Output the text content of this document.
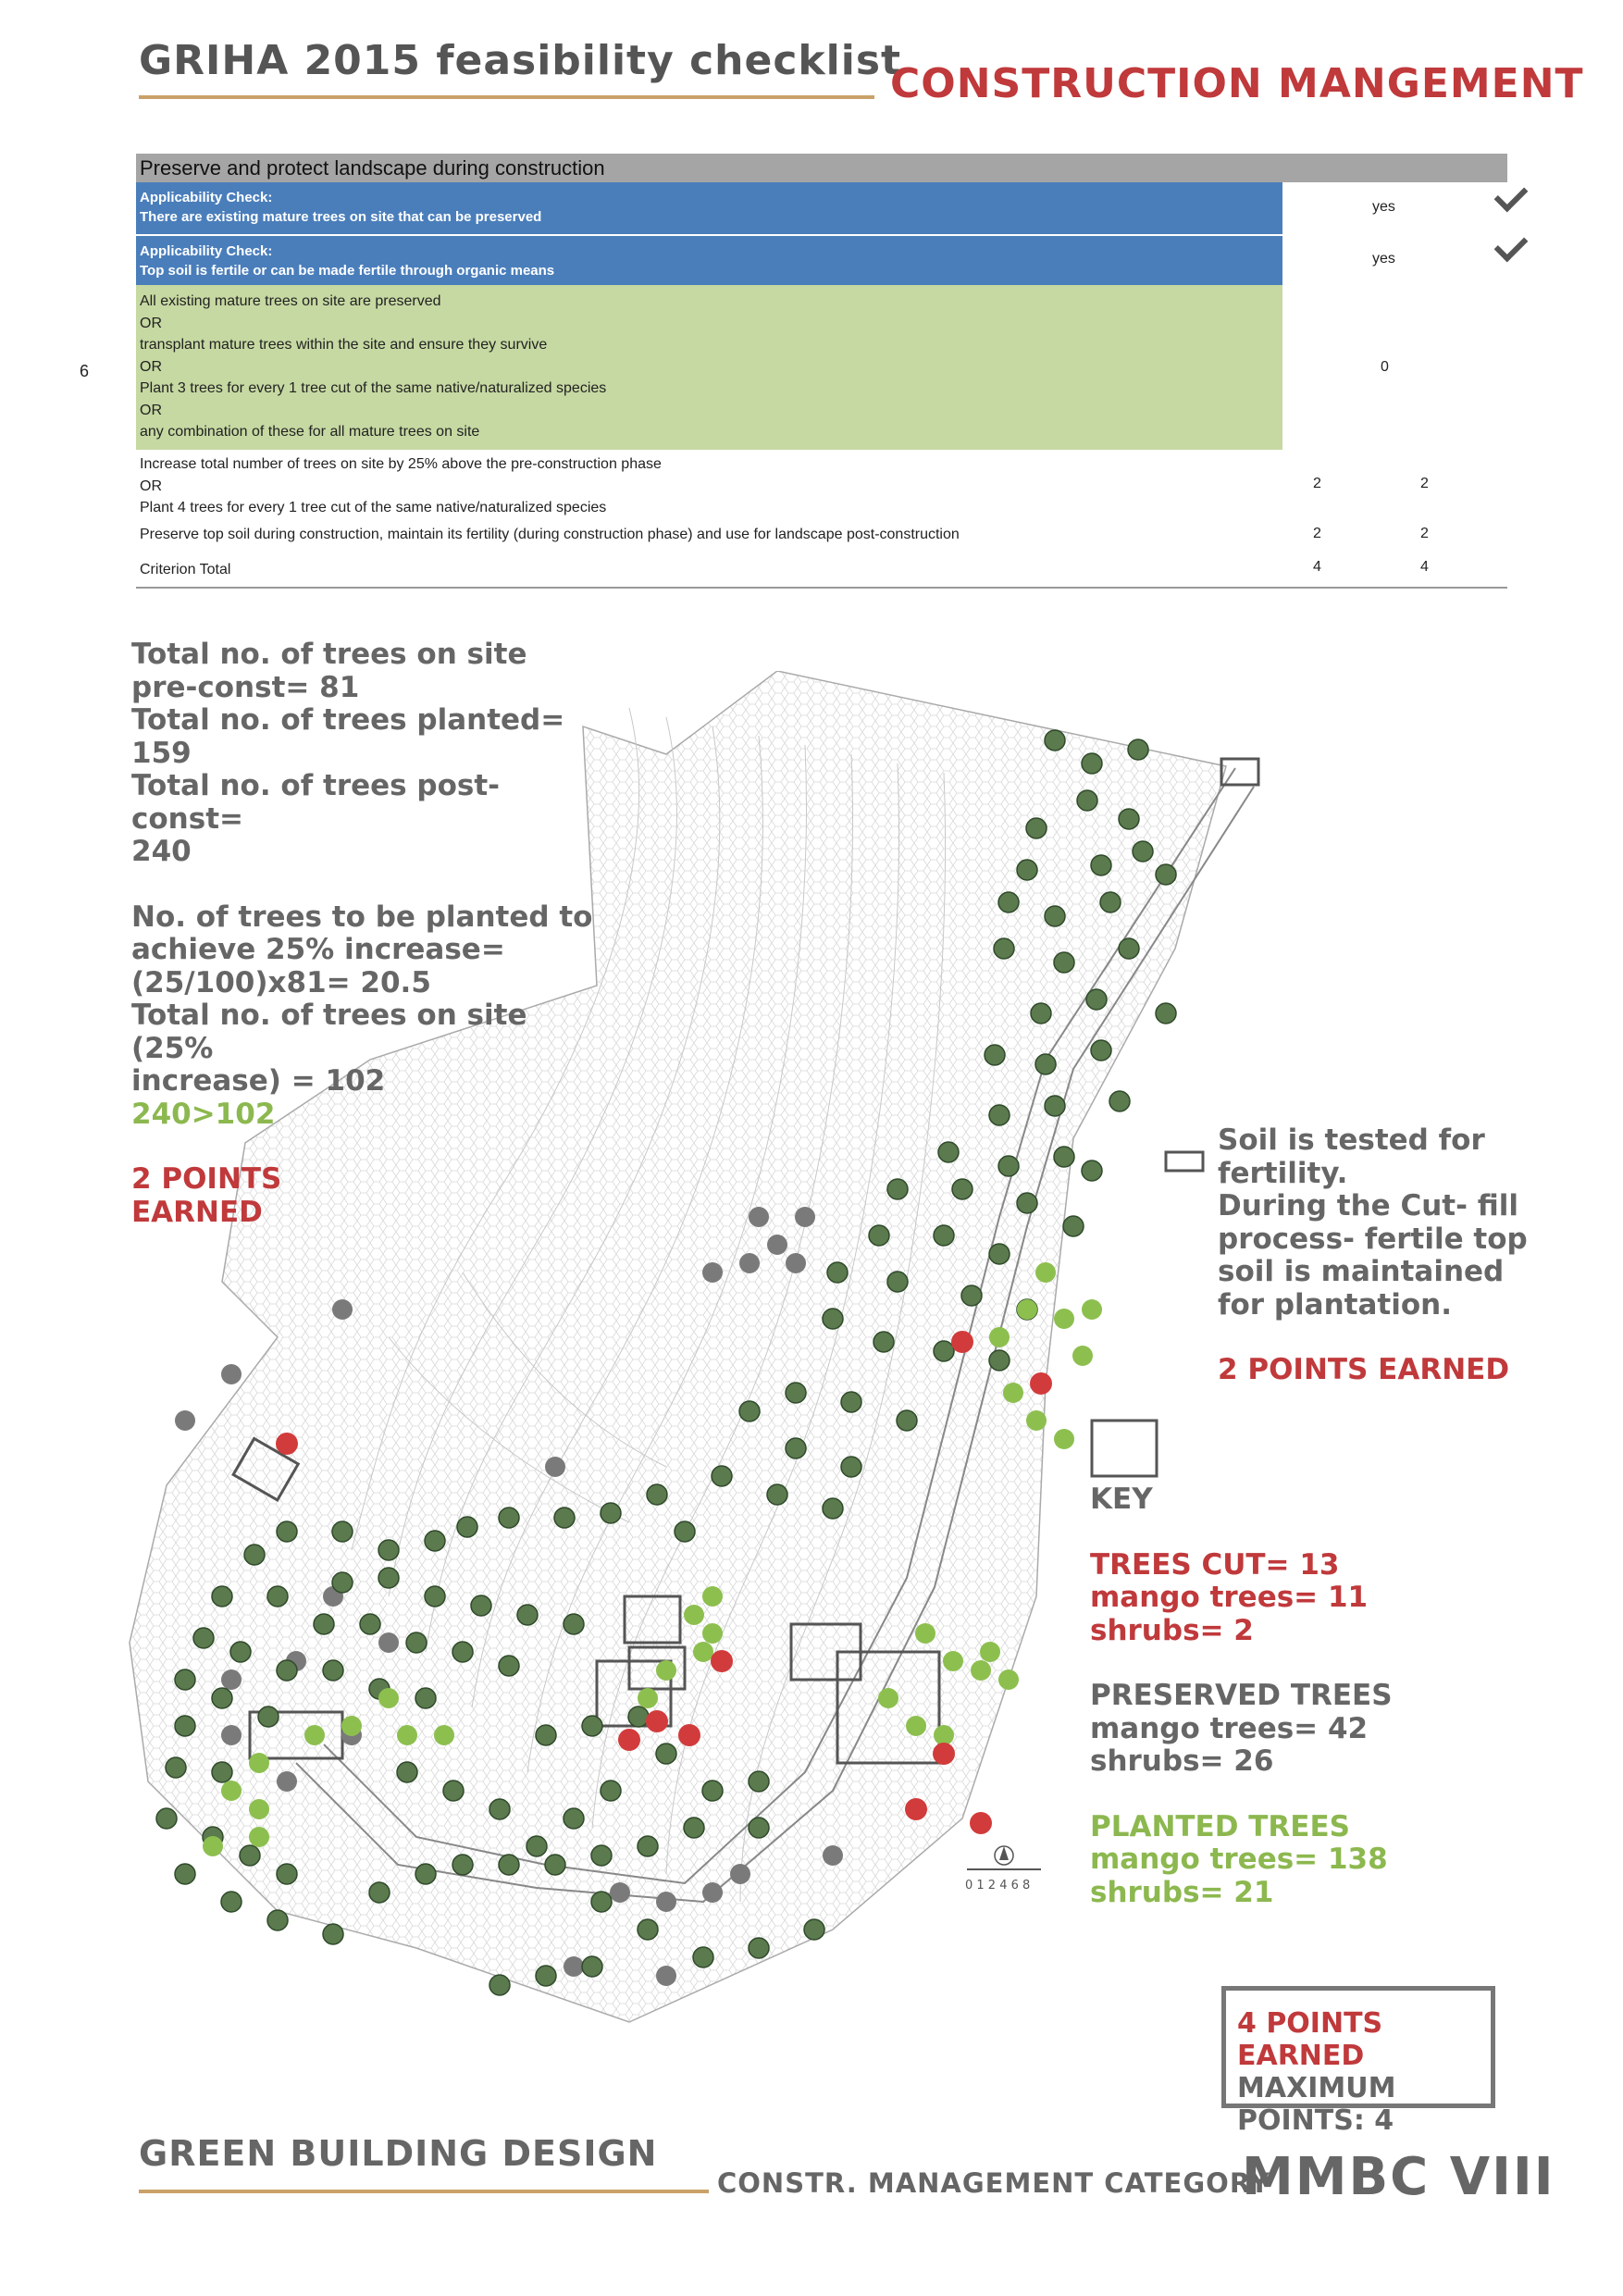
GRIHA 2015 feasibility checklist
CONSTRUCTION MANGEMENT
6
Preserve and protect landscape during construction
Applicability Check:
There are existing mature trees on site that can be preserved
yes
Applicability Check:
Top soil is fertile or can be made fertile through organic means
yes
All existing mature trees on site are preserved
OR
transplant mature trees within the site and ensure they survive
OR
Plant 3 trees for every 1 tree cut of the same native/naturalized species
OR
any combination of these for all mature trees on site
0
Increase total number of trees on site by 25% above the pre-construction phase
OR
Plant 4 trees for every 1 tree cut of the same native/naturalized species
2	2
Preserve top soil during construction, maintain its fertility (during construction phase) and use for landscape post-construction	2	2
Criterion Total	4	4
0 1 2 4 6 8
Total no. of trees on site
pre-const= 81
Total no. of trees planted=
159
Total no. of trees post- const=
240
No. of trees to be planted to
achieve 25% increase=
(25/100)x81= 20.5
Total no. of trees on site (25%
increase) = 102
240>102
2 POINTS
EARNED
Soil is tested for
fertility.
During the Cut- fill
process- fertile top
soil is maintained
for plantation.
2 POINTS EARNED
KEY
TREES CUT= 13
mango trees= 11
shrubs= 2
PRESERVED TREES
mango trees= 42
shrubs= 26
PLANTED TREES
mango trees= 138
shrubs= 21
4 POINTS EARNED
MAXIMUM
POINTS: 4
GREEN BUILDING DESIGN
CONSTR. MANAGEMENT CATEGORY
MMBC VIII
